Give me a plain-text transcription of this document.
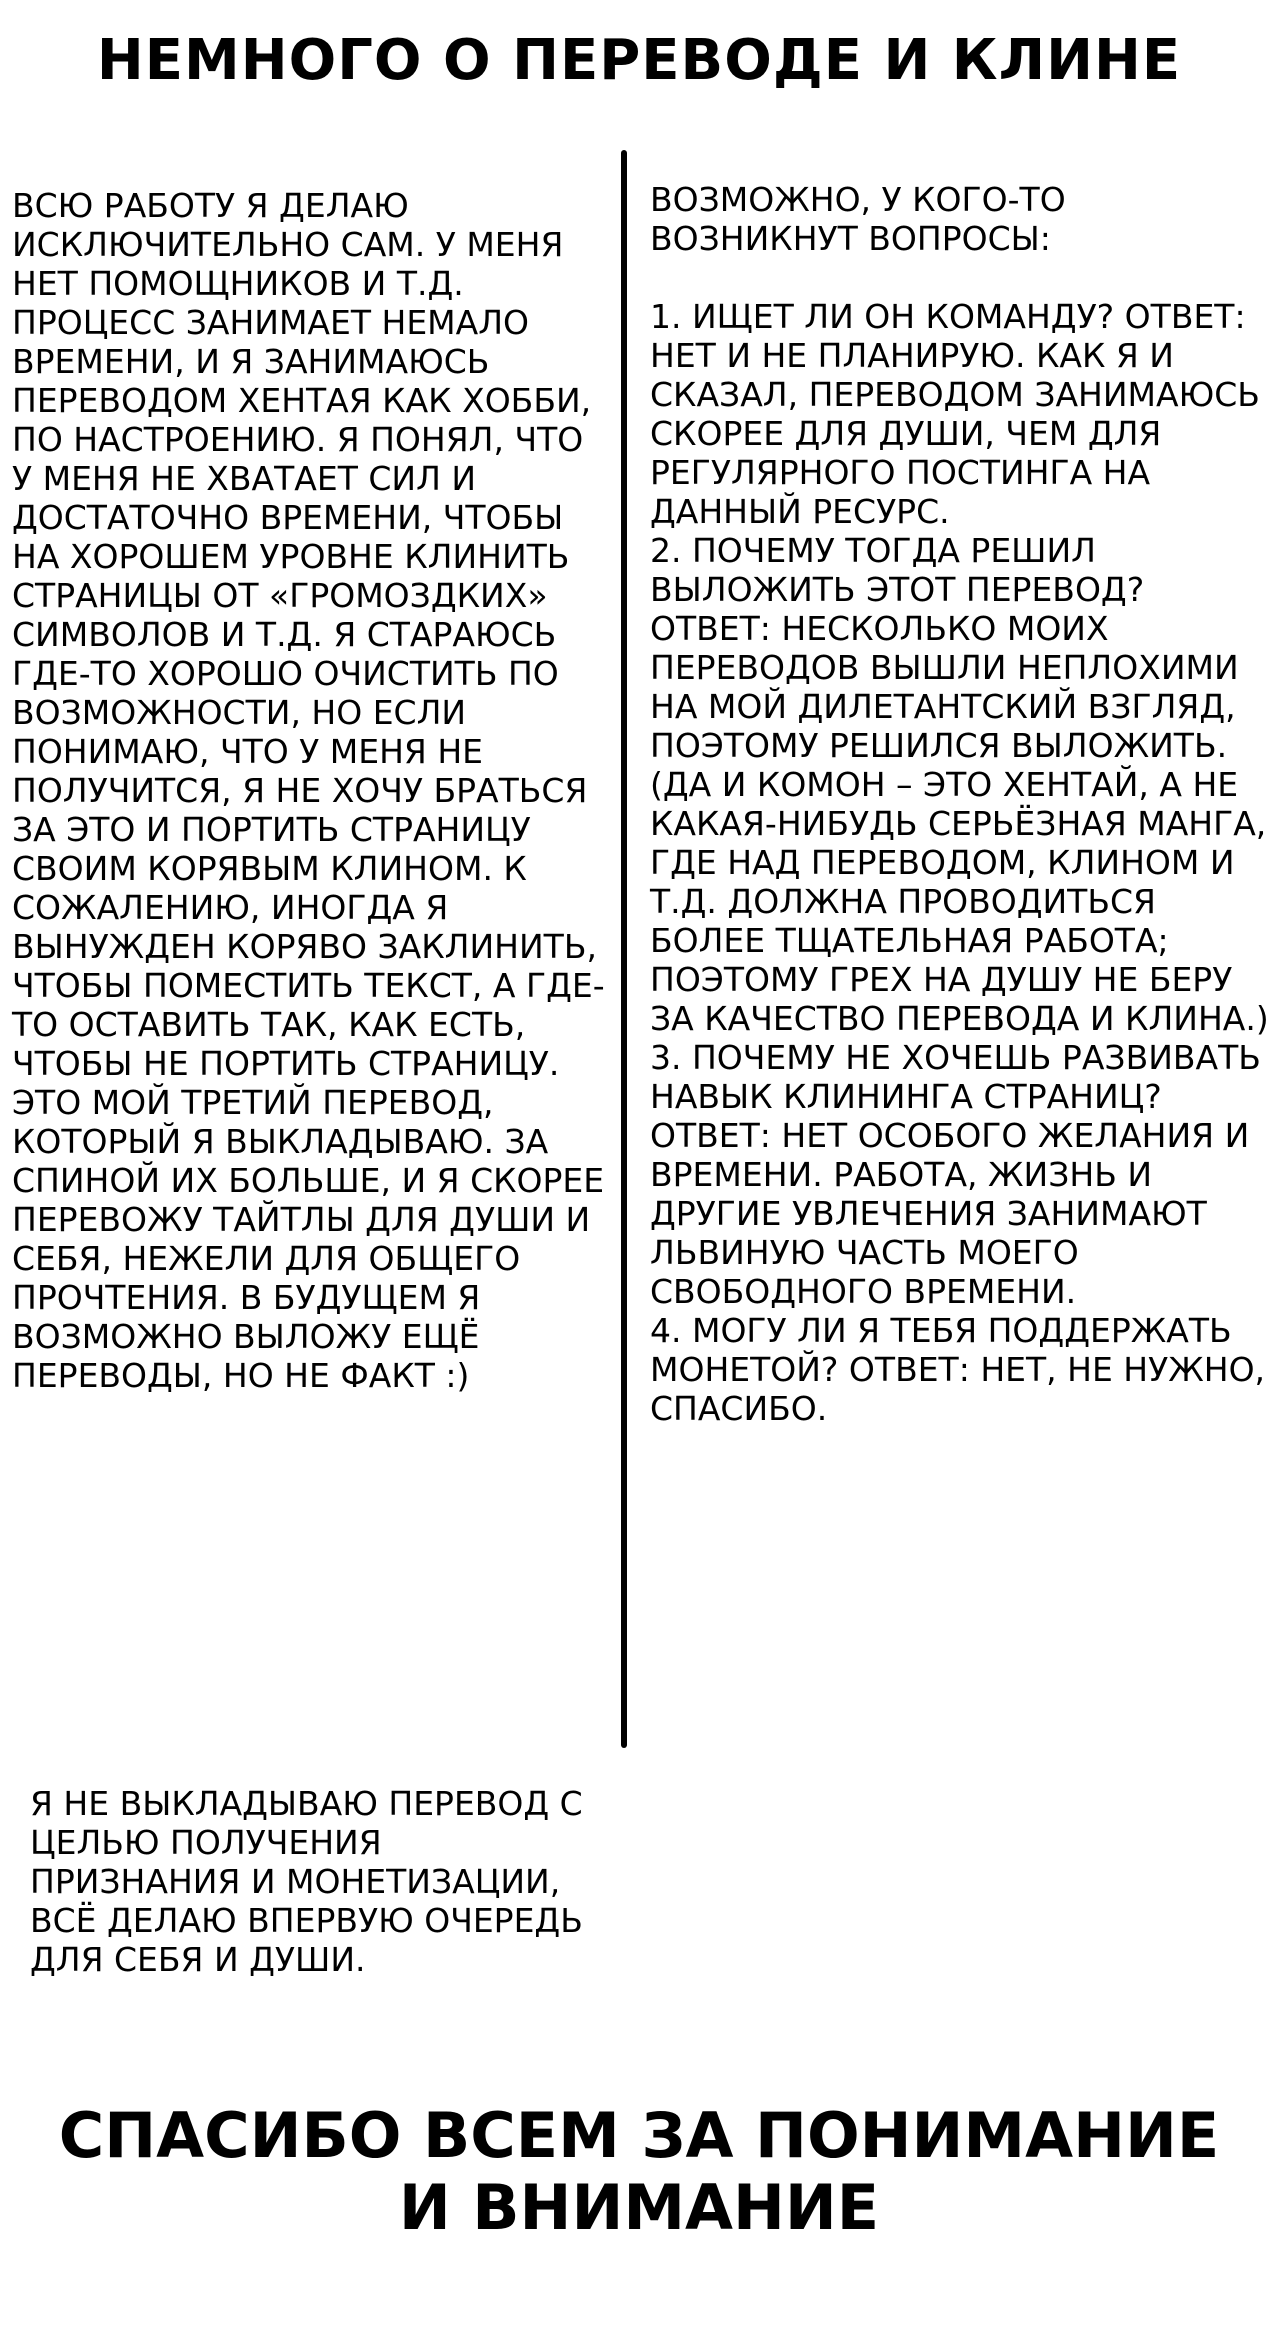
НЕМНОГО О ПЕРЕВОДЕ И КЛИНЕ

ВСЮ РАБОТУ Я ДЕЛАЮ ИСКЛЮЧИТЕЛЬНО САМ. У МЕНЯ НЕТ ПОМОЩНИКОВ И Т.Д. ПРОЦЕСС ЗАНИМАЕТ НЕМАЛО ВРЕМЕНИ, И Я ЗАНИМАЮСЬ ПЕРЕВОДОМ ХЕНТАЯ КАК ХОББИ, ПО НАСТРОЕНИЮ. Я ПОНЯЛ, ЧТО У МЕНЯ НЕ ХВАТАЕТ СИЛ И ДОСТАТОЧНО ВРЕМЕНИ, ЧТОБЫ НА ХОРОШЕМ УРОВНЕ КЛИНИТЬ СТРАНИЦЫ ОТ «ГРОМОЗДКИХ» СИМВОЛОВ И Т.Д. Я СТАРАЮСЬ ГДЕ-ТО ХОРОШО ОЧИСТИТЬ ПО ВОЗМОЖНОСТИ, НО ЕСЛИ ПОНИМАЮ, ЧТО У МЕНЯ НЕ ПОЛУЧИТСЯ, Я НЕ ХОЧУ БРАТЬСЯ ЗА ЭТО И ПОРТИТЬ СТРАНИЦУ СВОИМ КОРЯВЫМ КЛИНОМ. К СОЖАЛЕНИЮ, ИНОГДА Я ВЫНУЖДЕН КОРЯВО ЗАКЛИНИТЬ, ЧТОБЫ ПОМЕСТИТЬ ТЕКСТ, А ГДЕ-ТО ОСТАВИТЬ ТАК, КАК ЕСТЬ, ЧТОБЫ НЕ ПОРТИТЬ СТРАНИЦУ. ЭТО МОЙ ТРЕТИЙ ПЕРЕВОД, КОТОРЫЙ Я ВЫКЛАДЫВАЮ. ЗА СПИНОЙ ИХ БОЛЬШЕ, И Я СКОРЕЕ ПЕРЕВОЖУ ТАЙТЛЫ ДЛЯ ДУШИ И СЕБЯ, НЕЖЕЛИ ДЛЯ ОБЩЕГО ПРОЧТЕНИЯ. В БУДУЩЕМ Я ВОЗМОЖНО ВЫЛОЖУ ЕЩЁ ПЕРЕВОДЫ, НО НЕ ФАКТ :)

ВОЗМОЖНО, У КОГО-ТО ВОЗНИКНУТ ВОПРОСЫ:

1. ИЩЕТ ЛИ ОН КОМАНДУ? ОТВЕТ: НЕТ И НЕ ПЛАНИРУЮ. КАК Я И СКАЗАЛ, ПЕРЕВОДОМ ЗАНИМАЮСЬ СКОРЕЕ ДЛЯ ДУШИ, ЧЕМ ДЛЯ РЕГУЛЯРНОГО ПОСТИНГА НА ДАННЫЙ РЕСУРС.

2. ПОЧЕМУ ТОГДА РЕШИЛ ВЫЛОЖИТЬ ЭТОТ ПЕРЕВОД? ОТВЕТ: НЕСКОЛЬКО МОИХ ПЕРЕВОДОВ ВЫШЛИ НЕПЛОХИМИ НА МОЙ ДИЛЕТАНТСКИЙ ВЗГЛЯД, ПОЭТОМУ РЕШИЛСЯ ВЫЛОЖИТЬ. (ДА И КОМОН – ЭТО ХЕНТАЙ, А НЕ КАКАЯ-НИБУДЬ СЕРЬЁЗНАЯ МАНГА, ГДЕ НАД ПЕРЕВОДОМ, КЛИНОМ И Т.Д. ДОЛЖНА ПРОВОДИТЬСЯ БОЛЕЕ ТЩАТЕЛЬНАЯ РАБОТА; ПОЭТОМУ ГРЕХ НА ДУШУ НЕ БЕРУ ЗА КАЧЕСТВО ПЕРЕВОДА И КЛИНА.)

3. ПОЧЕМУ НЕ ХОЧЕШЬ РАЗВИВАТЬ НАВЫК КЛИНИНГА СТРАНИЦ? ОТВЕТ: НЕТ ОСОБОГО ЖЕЛАНИЯ И ВРЕМЕНИ. РАБОТА, ЖИЗНЬ И ДРУГИЕ УВЛЕЧЕНИЯ ЗАНИМАЮТ ЛЬВИНУЮ ЧАСТЬ МОЕГО СВОБОДНОГО ВРЕМЕНИ.

4. МОГУ ЛИ Я ТЕБЯ ПОДДЕРЖАТЬ МОНЕТОЙ? ОТВЕТ: НЕТ, НЕ НУЖНО, СПАСИБО.

Я НЕ ВЫКЛАДЫВАЮ ПЕРЕВОД С ЦЕЛЬЮ ПОЛУЧЕНИЯ ПРИЗНАНИЯ И МОНЕТИЗАЦИИ, ВСЁ ДЕЛАЮ ВПЕРВУЮ ОЧЕРЕДЬ ДЛЯ СЕБЯ И ДУШИ.
СПАСИБО ВСЕМ ЗА ПОНИМАНИЕ
И ВНИМАНИЕ
